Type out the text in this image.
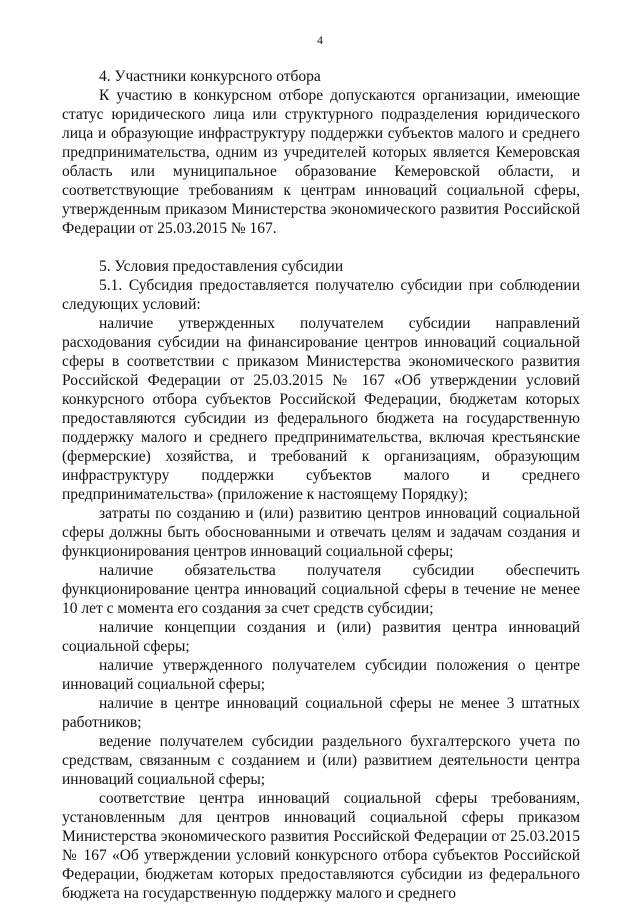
4

4. Участники конкурсного отбора

К участию в конкурсном отборе допускаются организации, имеющие статус юридического лица или структурного подразделения юридического лица и образующие инфраструктуру поддержки субъектов малого и среднего предпринимательства, одним из учредителей которых является Кемеровская область или муниципальное образование Кемеровской области, и соответствующие требованиям к центрам инноваций социальной сферы, утвержденным приказом Министерства экономического развития Российской Федерации от 25.03.2015 № 167.

5. Условия предоставления субсидии

5.1. Субсидия предоставляется получателю субсидии при соблюдении следующих условий:

наличие утвержденных получателем субсидии направлений расходования субсидии на финансирование центров инноваций социальной сферы в соответствии с приказом Министерства экономического развития Российской Федерации от 25.03.2015 № 167 «Об утверждении условий конкурсного отбора субъектов Российской Федерации, бюджетам которых предоставляются субсидии из федерального бюджета на государственную поддержку малого и среднего предпринимательства, включая крестьянские (фермерские) хозяйства, и требований к организациям, образующим инфраструктуру поддержки субъектов малого и среднего предпринимательства» (приложение к настоящему Порядку);

затраты по созданию и (или) развитию центров инноваций социальной сферы должны быть обоснованными и отвечать целям и задачам создания и функционирования центров инноваций социальной сферы;

наличие обязательства получателя субсидии обеспечить функционирование центра инноваций социальной сферы в течение не менее 10 лет с момента его создания за счет средств субсидии;

наличие концепции создания и (или) развития центра инноваций социальной сферы;

наличие утвержденного получателем субсидии положения о центре инноваций социальной сферы;

наличие в центре инноваций социальной сферы не менее 3 штатных работников;

ведение получателем субсидии раздельного бухгалтерского учета по средствам, связанным с созданием и (или) развитием деятельности центра инноваций социальной сферы;

соответствие центра инноваций социальной сферы требованиям, установленным для центров инноваций социальной сферы приказом Министерства экономического развития Российской Федерации от 25.03.2015 № 167 «Об утверждении условий конкурсного отбора субъектов Российской Федерации, бюджетам которых предоставляются субсидии из федерального бюджета на государственную поддержку малого и среднего
